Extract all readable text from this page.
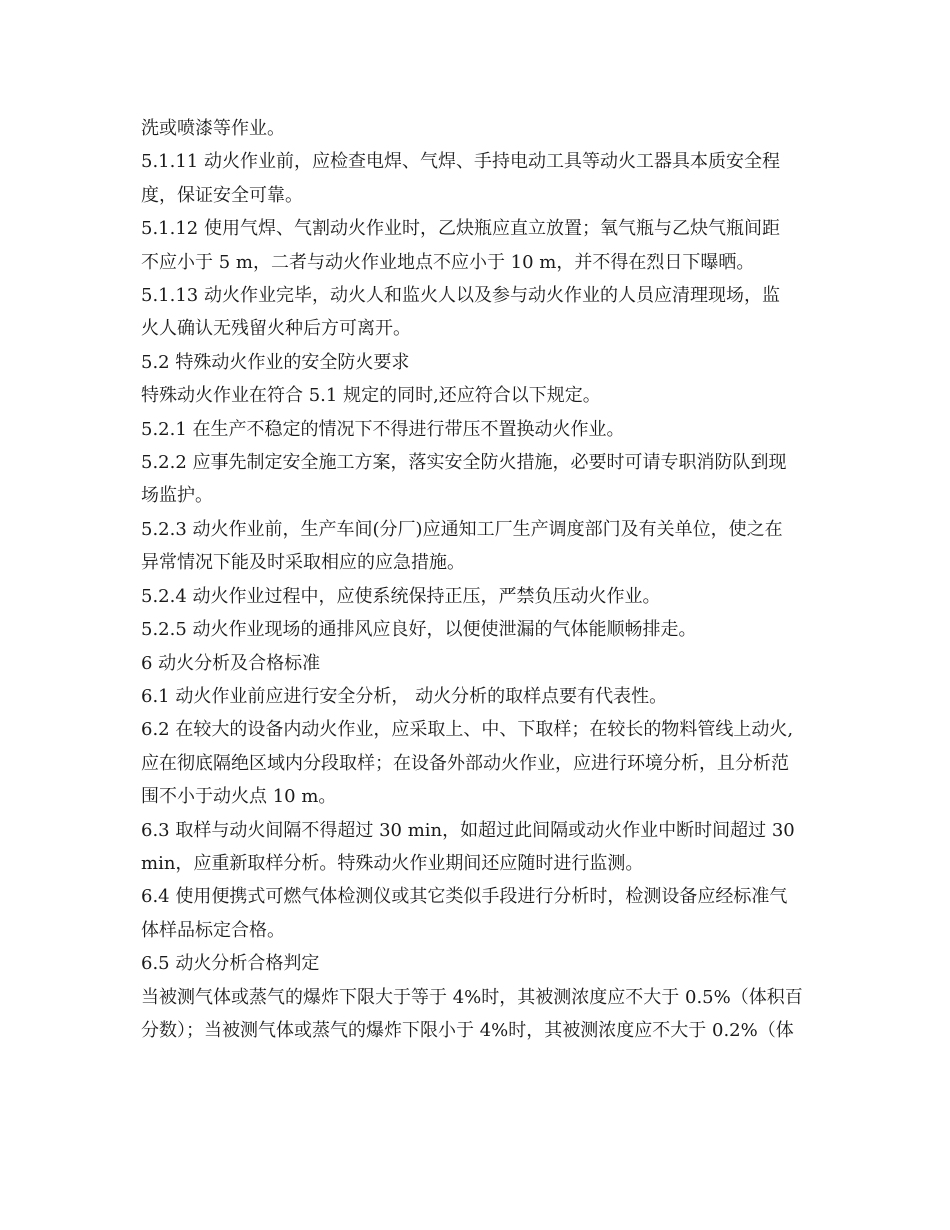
洗或喷漆等作业。

5.1.11 动火作业前，应检查电焊、气焊、手持电动工具等动火工器具本质安全程

度，保证安全可靠。

5.1.12 使用气焊、气割动火作业时，乙炔瓶应直立放置；氧气瓶与乙炔气瓶间距

不应小于 5 m，二者与动火作业地点不应小于 10 m，并不得在烈日下曝晒。

5.1.13 动火作业完毕，动火人和监火人以及参与动火作业的人员应清理现场，监

火人确认无残留火种后方可离开。

5.2 特殊动火作业的安全防火要求

特殊动火作业在符合 5.1 规定的同时,还应符合以下规定。

5.2.1 在生产不稳定的情况下不得进行带压不置换动火作业。

5.2.2 应事先制定安全施工方案，落实安全防火措施，必要时可请专职消防队到现

场监护。

5.2.3 动火作业前，生产车间(分厂)应通知工厂生产调度部门及有关单位，使之在

异常情况下能及时采取相应的应急措施。

5.2.4 动火作业过程中，应使系统保持正压，严禁负压动火作业。

5.2.5 动火作业现场的通排风应良好，以便使泄漏的气体能顺畅排走。

6 动火分析及合格标准

6.1 动火作业前应进行安全分析， 动火分析的取样点要有代表性。

6.2 在较大的设备内动火作业，应采取上、中、下取样；在较长的物料管线上动火,

应在彻底隔绝区域内分段取样；在设备外部动火作业，应进行环境分析，且分析范

围不小于动火点 10 m。

6.3 取样与动火间隔不得超过 30 min，如超过此间隔或动火作业中断时间超过 30

min，应重新取样分析。特殊动火作业期间还应随时进行监测。

6.4 使用便携式可燃气体检测仪或其它类似手段进行分析时，检测设备应经标准气

体样品标定合格。

6.5 动火分析合格判定

当被测气体或蒸气的爆炸下限大于等于 4%时，其被测浓度应不大于 0.5%（体积百

分数）；当被测气体或蒸气的爆炸下限小于 4%时，其被测浓度应不大于 0.2%（体
